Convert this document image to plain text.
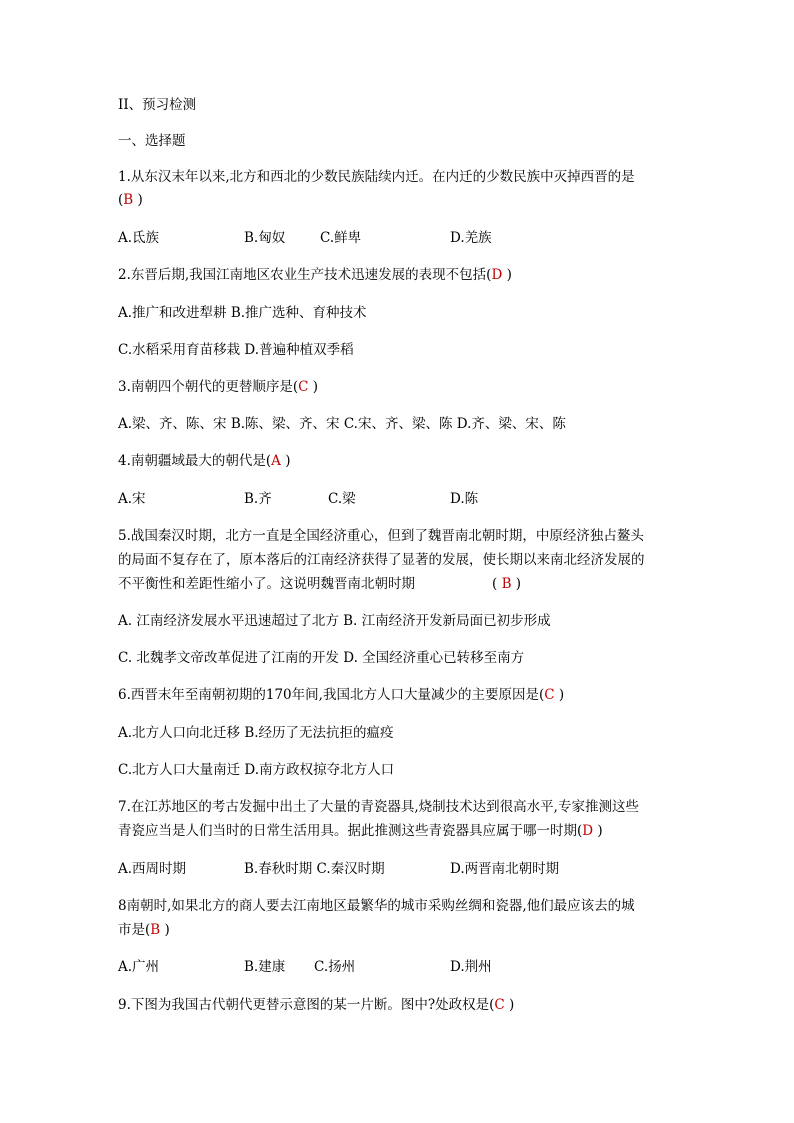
II、预习检测
一、选择题
1.从东汉末年以来,北方和西北的少数民族陆续内迁。在内迁的少数民族中灭掉西晋的是
(B )
A.氐族	B.匈奴	C.鲜卑	D.羌族
2.东晋后期,我国江南地区农业生产技术迅速发展的表现不包括(D )
A.推广和改进犁耕 B.推广选种、育种技术
C.水稻采用育苗移栽 D.普遍种植双季稻
3.南朝四个朝代的更替顺序是(C )
A.梁、齐、陈、宋 B.陈、梁、齐、宋 C.宋、齐、梁、陈 D.齐、梁、宋、陈
4.南朝疆域最大的朝代是(A )
A.宋	B.齐	C.梁	D.陈
5.战国秦汉时期，北方一直是全国经济重心，但到了魏晋南北朝时期，中原经济独占鳌头
的局面不复存在了，原本落后的江南经济获得了显著的发展，使长期以来南北经济发展的
不平衡性和差距性缩小了。这说明魏晋南北朝时期	( B )
A. 江南经济发展水平迅速超过了北方 B. 江南经济开发新局面已初步形成
C. 北魏孝文帝改革促进了江南的开发 D. 全国经济重心已转移至南方
6.西晋末年至南朝初期的170年间,我国北方人口大量减少的主要原因是(C )
A.北方人口向北迁移 B.经历了无法抗拒的瘟疫
C.北方人口大量南迁 D.南方政权掠夺北方人口
7.在江苏地区的考古发掘中出土了大量的青瓷器具,烧制技术达到很高水平,专家推测这些
青瓷应当是人们当时的日常生活用具。据此推测这些青瓷器具应属于哪一时期(D )
A.西周时期	B.春秋时期 C.秦汉时期	D.两晋南北朝时期
8南朝时,如果北方的商人要去江南地区最繁华的城市采购丝绸和瓷器,他们最应该去的城
市是(B )
A.广州	B.建康 C.扬州	D.荆州
9.下图为我国古代朝代更替示意图的某一片断。图中?处政权是(C )
